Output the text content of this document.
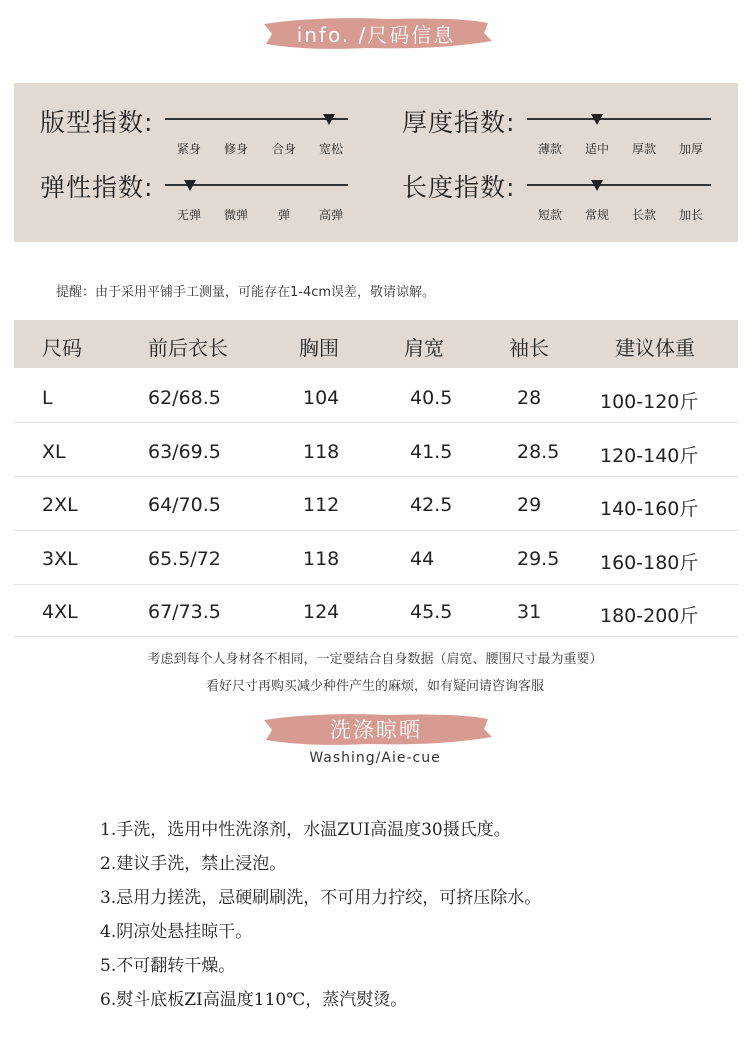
info. /尺码信息
版型指数:
紧身	修身	合身	宽松
厚度指数:
薄款	适中	厚款	加厚
弹性指数:
无弹	微弹	弹	高弹
长度指数:
短款	常规	长款	加长
提醒：由于采用平铺手工测量，可能存在1-4cm误差，敬请谅解。
尺码	前后衣长	胸围	肩宽	袖长	建议体重
L	62/68.5	104	40.5	28	100-120斤
XL	63/69.5	118	41.5	28.5 120-140斤
2XL	64/70.5	112	42.5	29	140-160斤
3XL	65.5/72	118	44	29.5 160-180斤
4XL	67/73.5	124	45.5	31	180-200斤
考虑到每个人身材各不相同，一定要结合自身数据（肩宽、腰围尺寸最为重要）
看好尺寸再购买减少种件产生的麻烦，如有疑问请咨询客服
洗涤晾晒
Washing/Aie-cue
1.手洗，选用中性洗涤剂，水温ZUI高温度30摄氏度。
2.建议手洗，禁止浸泡。
3.忌用力搓洗，忌硬刷刷洗，不可用力拧绞，可挤压除水。
4.阴凉处悬挂晾干。
5.不可翻转干燥。
6.熨斗底板ZI高温度110℃，蒸汽熨烫。
